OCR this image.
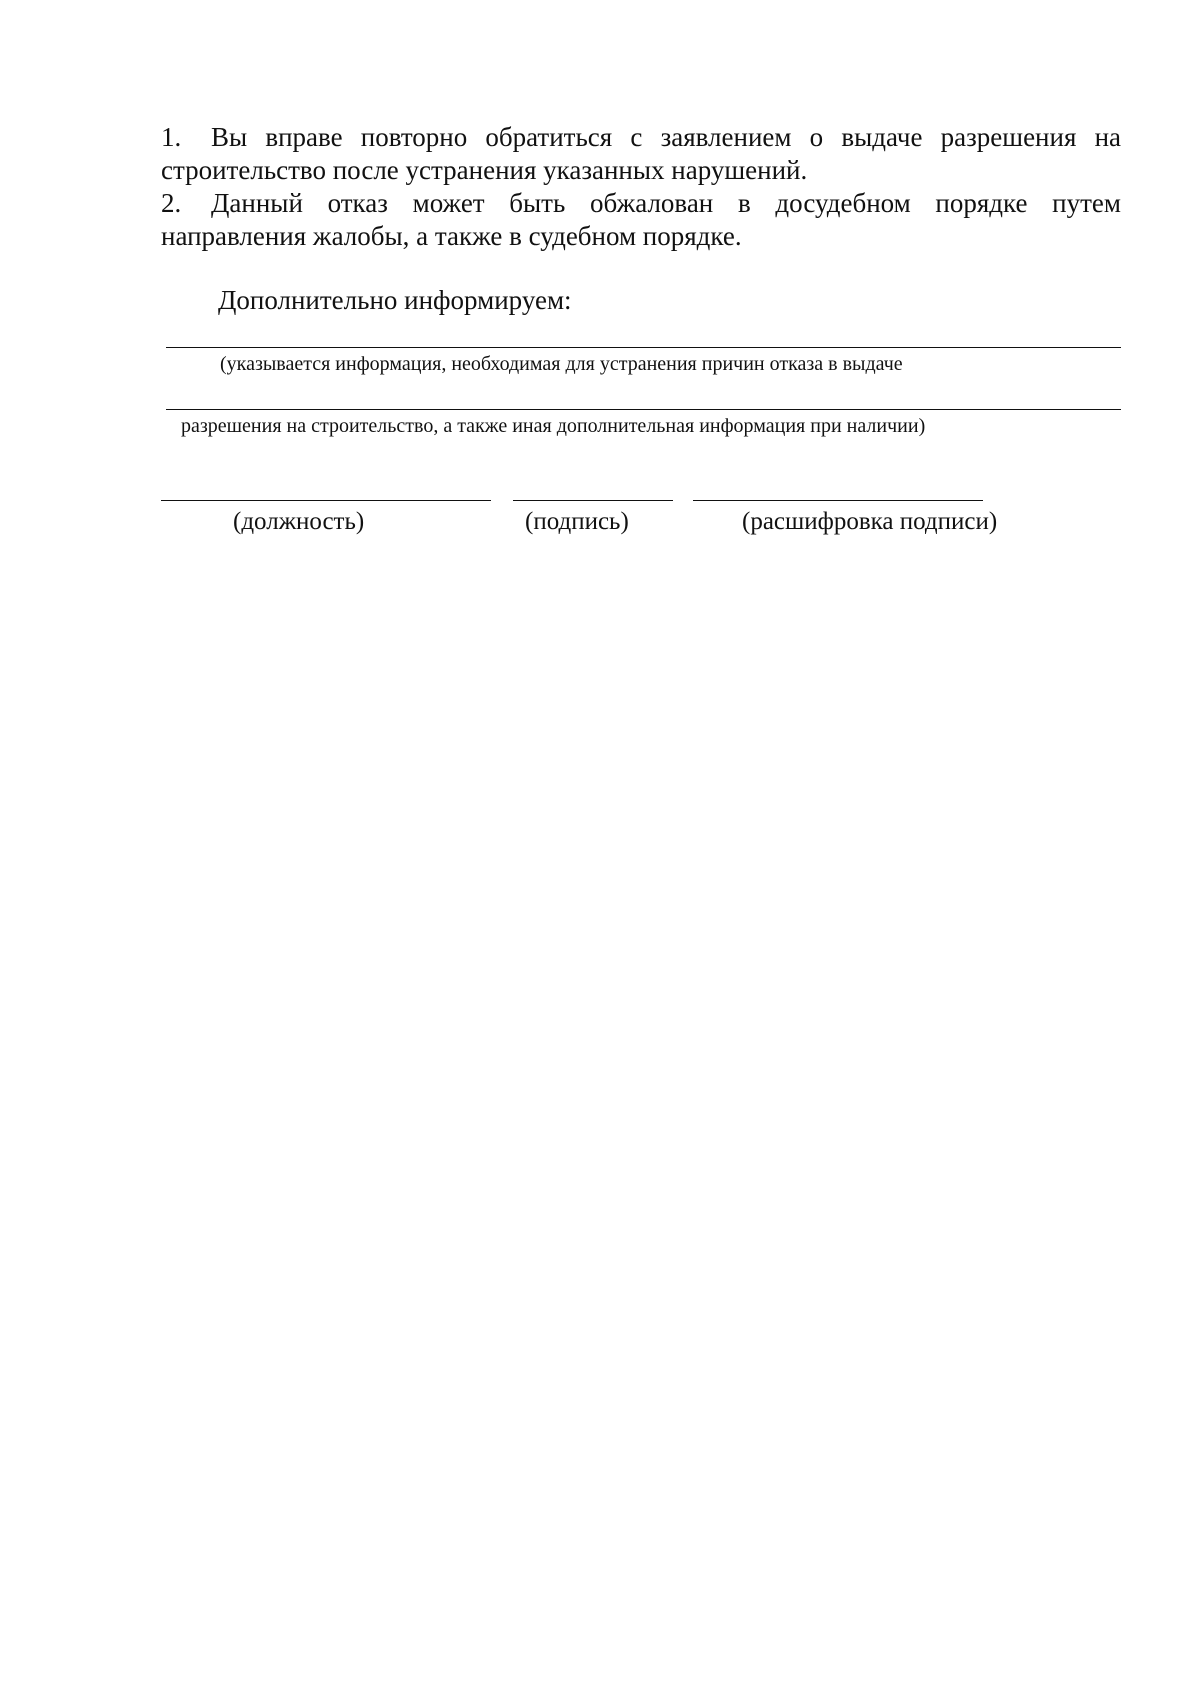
1. Вы вправе повторно обратиться с заявлением о выдаче разрешения на строительство после устранения указанных нарушений.

2. Данный отказ может быть обжалован в досудебном порядке путем направления жалобы, а также в судебном порядке.

Дополнительно информируем:

(указывается информация, необходимая для устранения причин отказа в выдаче

разрешения на строительство, а также иная дополнительная информация при наличии)

(должность)	(подпись)	(расшифровка подписи)
